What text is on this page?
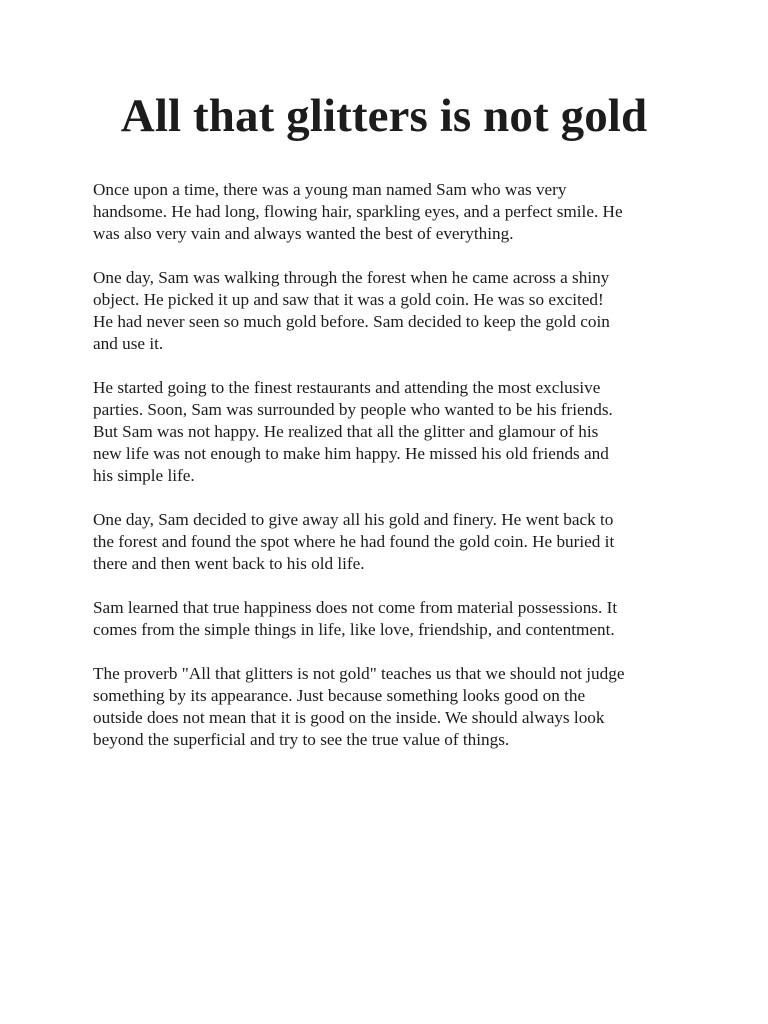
All that glitters is not gold

Once upon a time, there was a young man named Sam who was very
handsome. He had long, flowing hair, sparkling eyes, and a perfect smile. He
was also very vain and always wanted the best of everything.

One day, Sam was walking through the forest when he came across a shiny
object. He picked it up and saw that it was a gold coin. He was so excited!
He had never seen so much gold before. Sam decided to keep the gold coin
and use it.

He started going to the finest restaurants and attending the most exclusive
parties. Soon, Sam was surrounded by people who wanted to be his friends.
But Sam was not happy. He realized that all the glitter and glamour of his
new life was not enough to make him happy. He missed his old friends and
his simple life.

One day, Sam decided to give away all his gold and finery. He went back to
the forest and found the spot where he had found the gold coin. He buried it
there and then went back to his old life.

Sam learned that true happiness does not come from material possessions. It
comes from the simple things in life, like love, friendship, and contentment.

The proverb "All that glitters is not gold" teaches us that we should not judge
something by its appearance. Just because something looks good on the
outside does not mean that it is good on the inside. We should always look
beyond the superficial and try to see the true value of things.
